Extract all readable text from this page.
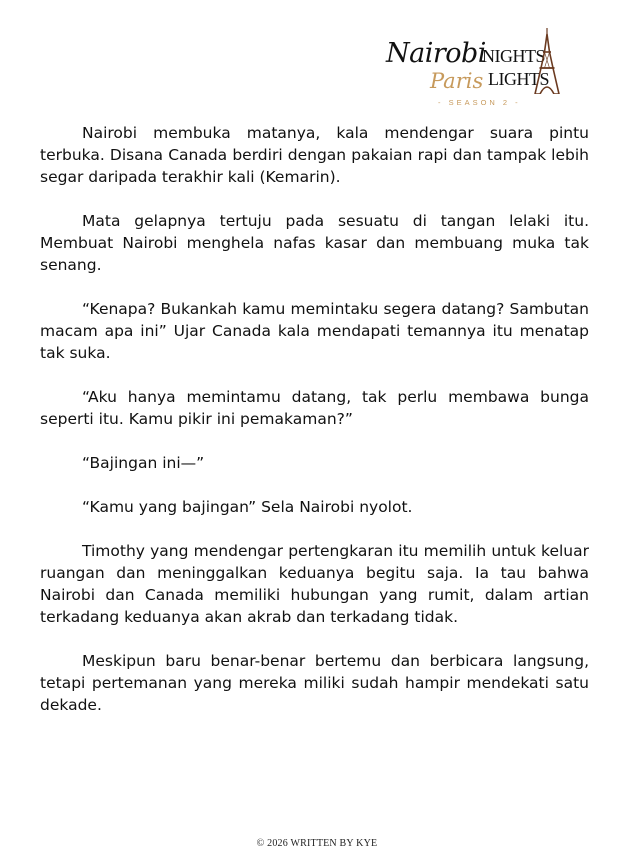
Nairobi
NIGHTS
Paris LIGHTS
- SEASON 2 -

Nairobi membuka matanya, kala mendengar suara pintu terbuka. Disana Canada berdiri dengan pakaian rapi dan tampak lebih segar daripada terakhir kali (Kemarin).

Mata gelapnya tertuju pada sesuatu di tangan lelaki itu. Membuat Nairobi menghela nafas kasar dan membuang muka tak senang.

“Kenapa? Bukankah kamu memintaku segera datang? Sambutan macam apa ini” Ujar Canada kala mendapati temannya itu menatap tak suka.

“Aku hanya memintamu datang, tak perlu membawa bunga seperti itu. Kamu pikir ini pemakaman?”

“Bajingan ini—”

“Kamu yang bajingan” Sela Nairobi nyolot.

Timothy yang mendengar pertengkaran itu memilih untuk keluar ruangan dan meninggalkan keduanya begitu saja. Ia tau bahwa Nairobi dan Canada memiliki hubungan yang rumit, dalam artian terkadang keduanya akan akrab dan terkadang tidak.

Meskipun baru benar-benar bertemu dan berbicara langsung, tetapi pertemanan yang mereka miliki sudah hampir mendekati satu dekade.

© 2026 WRITTEN BY KYE
